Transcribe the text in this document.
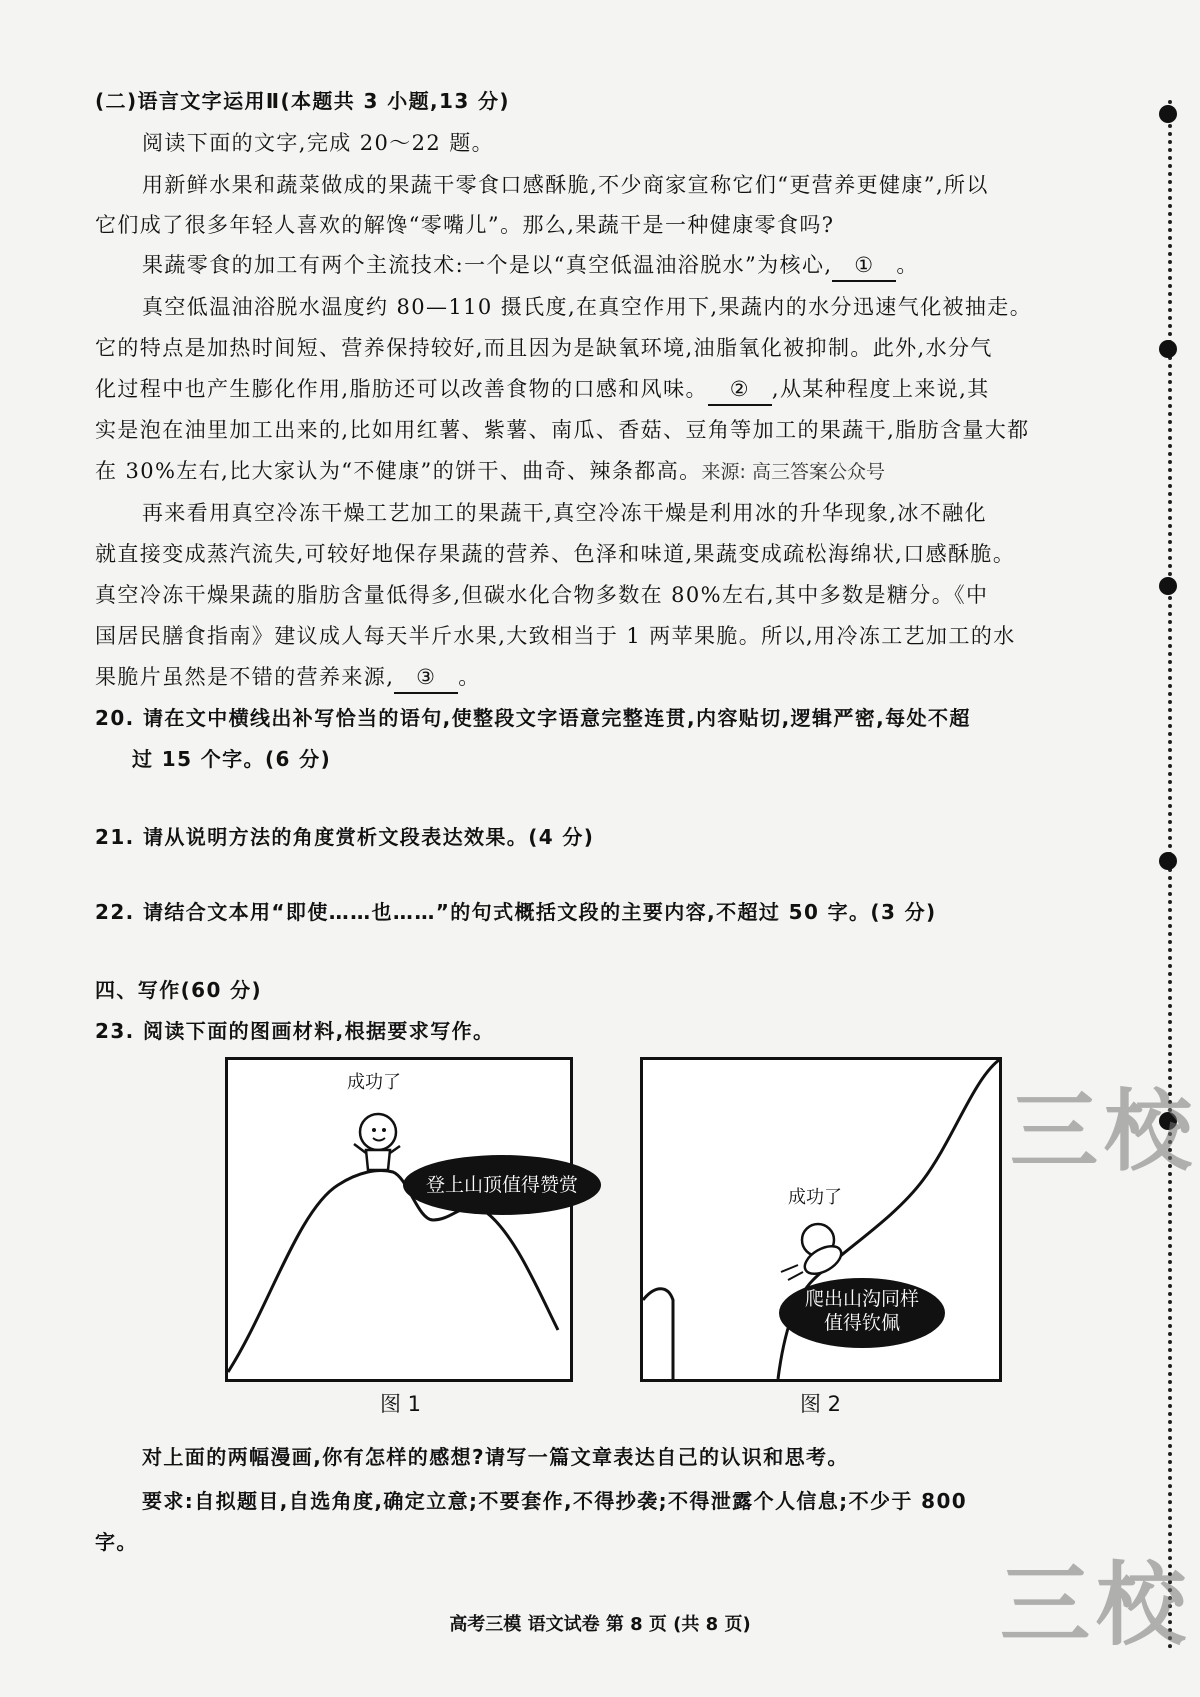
(二)语言文字运用Ⅱ(本题共 3 小题,13 分)
阅读下面的文字,完成 20～22 题。
用新鲜水果和蔬菜做成的果蔬干零食口感酥脆,不少商家宣称它们“更营养更健康”,所以
它们成了很多年轻人喜欢的解馋“零嘴儿”。那么,果蔬干是一种健康零食吗?
果蔬零食的加工有两个主流技术:一个是以“真空低温油浴脱水”为核心, ① 。
真空低温油浴脱水温度约 80—110 摄氏度,在真空作用下,果蔬内的水分迅速气化被抽走。
它的特点是加热时间短、营养保持较好,而且因为是缺氧环境,油脂氧化被抑制。此外,水分气
化过程中也产生膨化作用,脂肪还可以改善食物的口感和风味。 ② ,从某种程度上来说,其
实是泡在油里加工出来的,比如用红薯、紫薯、南瓜、香菇、豆角等加工的果蔬干,脂肪含量大都
在 30%左右,比大家认为“不健康”的饼干、曲奇、辣条都高。来源: 高三答案公众号
再来看用真空冷冻干燥工艺加工的果蔬干,真空冷冻干燥是利用冰的升华现象,冰不融化
就直接变成蒸汽流失,可较好地保存果蔬的营养、色泽和味道,果蔬变成疏松海绵状,口感酥脆。
真空冷冻干燥果蔬的脂肪含量低得多,但碳水化合物多数在 80%左右,其中多数是糖分。《中
国居民膳食指南》建议成人每天半斤水果,大致相当于 1 两苹果脆。所以,用冷冻工艺加工的水
果脆片虽然是不错的营养来源, ③ 。
20. 请在文中横线出补写恰当的语句,使整段文字语意完整连贯,内容贴切,逻辑严密,每处不超
过 15 个字。(6 分)
21. 请从说明方法的角度赏析文段表达效果。(4 分)
22. 请结合文本用“即使……也……”的句式概括文段的主要内容,不超过 50 字。(3 分)
四、写作(60 分)
23. 阅读下面的图画材料,根据要求写作。
成功了
登上山顶值得赞赏
图 1
成功了
爬出山沟同样
值得钦佩
图 2
对上面的两幅漫画,你有怎样的感想?请写一篇文章表达自己的认识和思考。
要求:自拟题目,自选角度,确定立意;不要套作,不得抄袭;不得泄露个人信息;不少于 800
字。
三校
三校
高考三模 语文试卷 第 8 页 (共 8 页)
